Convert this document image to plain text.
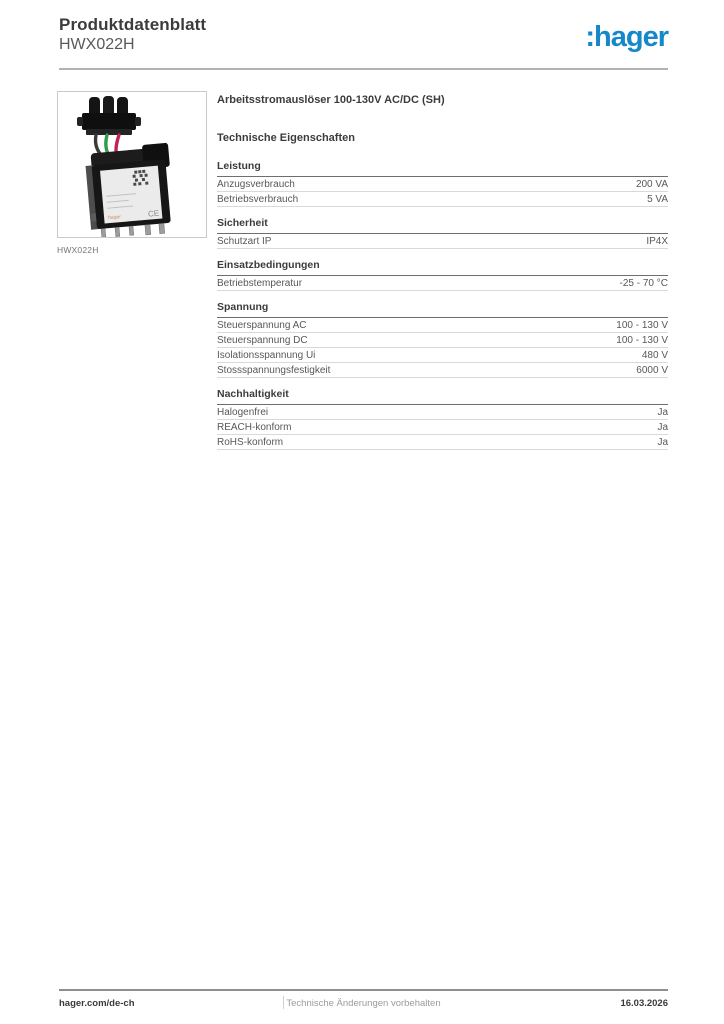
Produktdatenblatt
HWX022H	:hager
hager	CE
HWX022H
Arbeitsstromauslöser 100-130V AC/DC (SH)
Technische Eigenschaften
Leistung
Anzugsverbrauch	200 VA
Betriebsverbrauch	5 VA
Sicherheit
Schutzart IP	IP4X
Einsatzbedingungen
Betriebstemperatur	-25 - 70 °C
Spannung
Steuerspannung AC	100 - 130 V
Steuerspannung DC	100 - 130 V
Isolationsspannung Ui	480 V
Stossspannungsfestigkeit	6000 V
Nachhaltigkeit
Halogenfrei	Ja
REACH-konform	Ja
RoHS-konform	Ja
hager.com/de-ch	Technische Änderungen vorbehalten	16.03.2026
